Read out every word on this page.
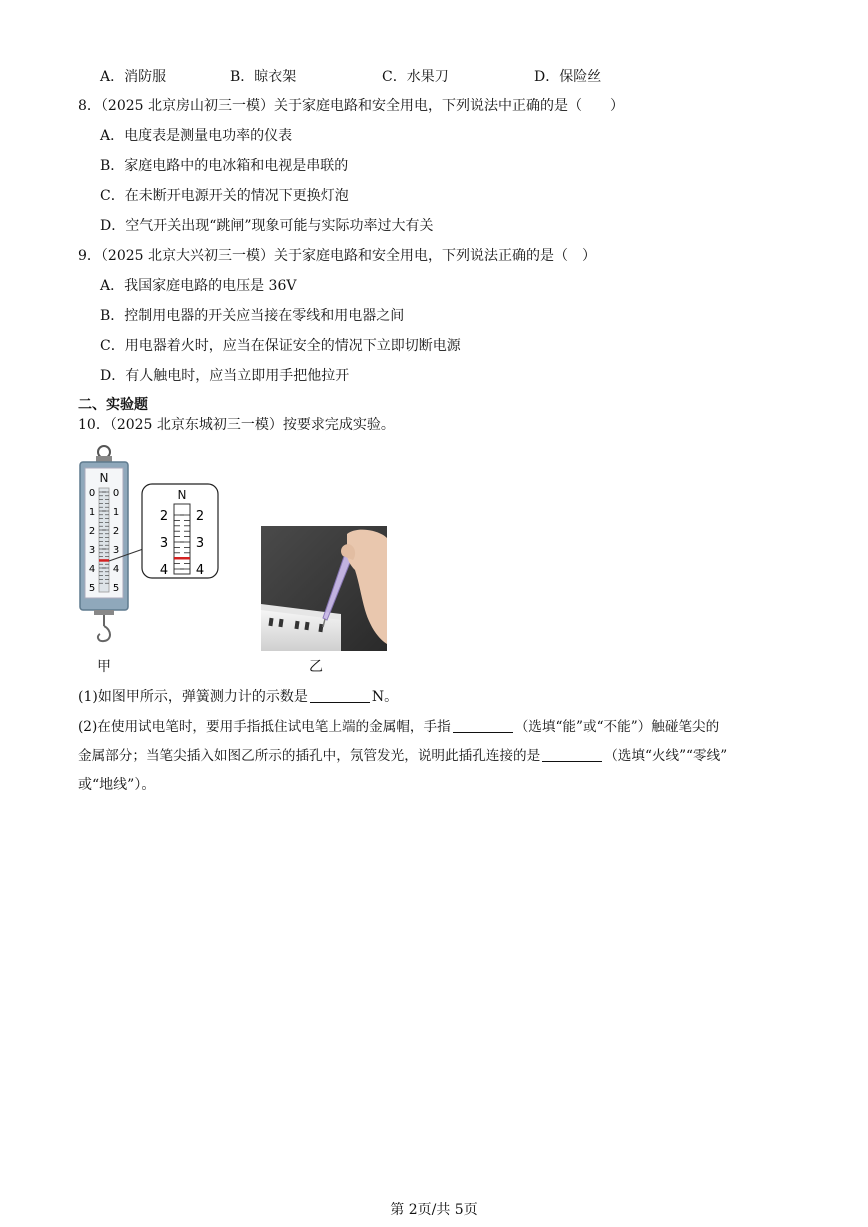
A．消防服	B．晾衣架	C．水果刀	D．保险丝
8．（2025 北京房山初三一模）关于家庭电路和安全用电，下列说法中正确的是（　　）
A．电度表是测量电功率的仪表
B．家庭电路中的电冰箱和电视是串联的
C．在未断开电源开关的情况下更换灯泡
D．空气开关出现“跳闸”现象可能与实际功率过大有关
9．（2025 北京大兴初三一模）关于家庭电路和安全用电，下列说法正确的是（　）
A．我国家庭电路的电压是 36V
B．控制用电器的开关应当接在零线和用电器之间
C．用电器着火时，应当在保证安全的情况下立即切断电源
D．有人触电时，应当立即用手把他拉开
二、实验题
10．（2025 北京东城初三一模）按要求完成实验。
N
0 0
1 1
2 2
3 3
4 4
5 5
N
2 2
3 3
4 4
甲	乙
(1)如图甲所示，弹簧测力计的示数是	N。
(2)在使用试电笔时，要用手指抵住试电笔上端的金属帽，手指	（选填“能”或“不能”）触碰笔尖的
金属部分；当笔尖插入如图乙所示的插孔中，氖管发光，说明此插孔连接的是	（选填“火线”“零线”
或“地线”）。
第 2页/共 5页
